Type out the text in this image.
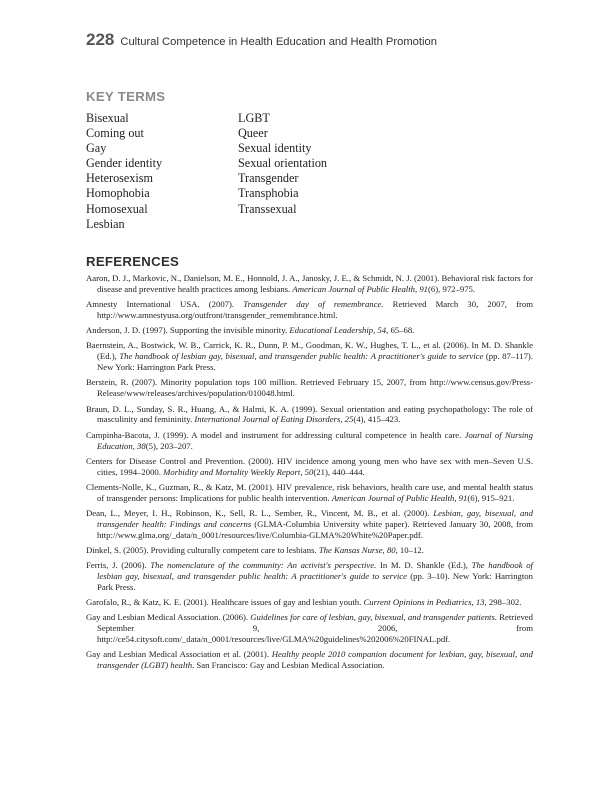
228 Cultural Competence in Health Education and Health Promotion
KEY TERMS
Bisexual
Coming out
Gay
Gender identity
Heterosexism
Homophobia
Homosexual
Lesbian
LGBT
Queer
Sexual identity
Sexual orientation
Transgender
Transphobia
Transsexual
REFERENCES
Aaron, D. J., Markovic, N., Danielson, M. E., Honnold, J. A., Janosky, J. E., & Schmidt, N. J. (2001). Behavioral risk factors for disease and preventive health practices among lesbians. American Journal of Public Health, 91(6), 972–975.
Amnesty International USA. (2007). Transgender day of remembrance. Retrieved March 30, 2007, from http://www.amnestyusa.org/outfront/transgender_remembrance.html.
Anderson, J. D. (1997). Supporting the invisible minority. Educational Leadership, 54, 65–68.
Baernstein, A., Bostwick, W. B., Carrick, K. R., Dunn, P. M., Goodman, K. W., Hughes, T. L., et al. (2006). In M. D. Shankle (Ed.), The handbook of lesbian gay, bisexual, and transgender public health: A practitioner's guide to service (pp. 87–117). New York: Harrington Park Press.
Berstein, R. (2007). Minority population tops 100 million. Retrieved February 15, 2007, from http://www.census.gov/Press-Release/www/releases/archives/population/010048.html.
Braun, D. L., Sunday, S. R., Huang, A., & Halmi, K. A. (1999). Sexual orientation and eating psychopathology: The role of masculinity and femininity. International Journal of Eating Disorders, 25(4), 415–423.
Campinha-Bacota, J. (1999). A model and instrument for addressing cultural competence in health care. Journal of Nursing Education, 38(5), 203–207.
Centers for Disease Control and Prevention. (2000). HIV incidence among young men who have sex with men–Seven U.S. cities, 1994–2000. Morbidity and Mortality Weekly Report, 50(21), 440–444.
Clements-Nolle, K., Guzman, R., & Katz, M. (2001). HIV prevalence, risk behaviors, health care use, and mental health status of transgender persons: Implications for public health intervention. American Journal of Public Health, 91(6), 915–921.
Dean, L., Meyer, I. H., Robinson, K., Sell, R. L., Sember, R., Vincent, M. B., et al. (2000). Lesbian, gay, bisexual, and transgender health: Findings and concerns (GLMA-Columbia University white paper). Retrieved January 30, 2008, from http://www.glma.org/_data/n_0001/resources/live/Columbia-GLMA%20White%20Paper.pdf.
Dinkel, S. (2005). Providing culturally competent care to lesbians. The Kansas Nurse, 80, 10–12.
Ferris, J. (2006). The nomenclature of the community: An activist's perspective. In M. D. Shankle (Ed.), The handbook of lesbian gay, bisexual, and transgender public health: A practitioner's guide to service (pp. 3–10). New York: Harrington Park Press.
Garofalo, R., & Katz, K. E. (2001). Healthcare issues of gay and lesbian youth. Current Opinions in Pediatrics, 13, 298–302.
Gay and Lesbian Medical Association. (2006). Guidelines for care of lesbian, gay, bisexual, and transgender patients. Retrieved September 9, 2006, from http://ce54.citysoft.com/_data/n_0001/resources/live/GLMA%20guidelines%202006%20FINAL.pdf.
Gay and Lesbian Medical Association et al. (2001). Healthy people 2010 companion document for lesbian, gay, bisexual, and transgender (LGBT) health. San Francisco: Gay and Lesbian Medical Association.
